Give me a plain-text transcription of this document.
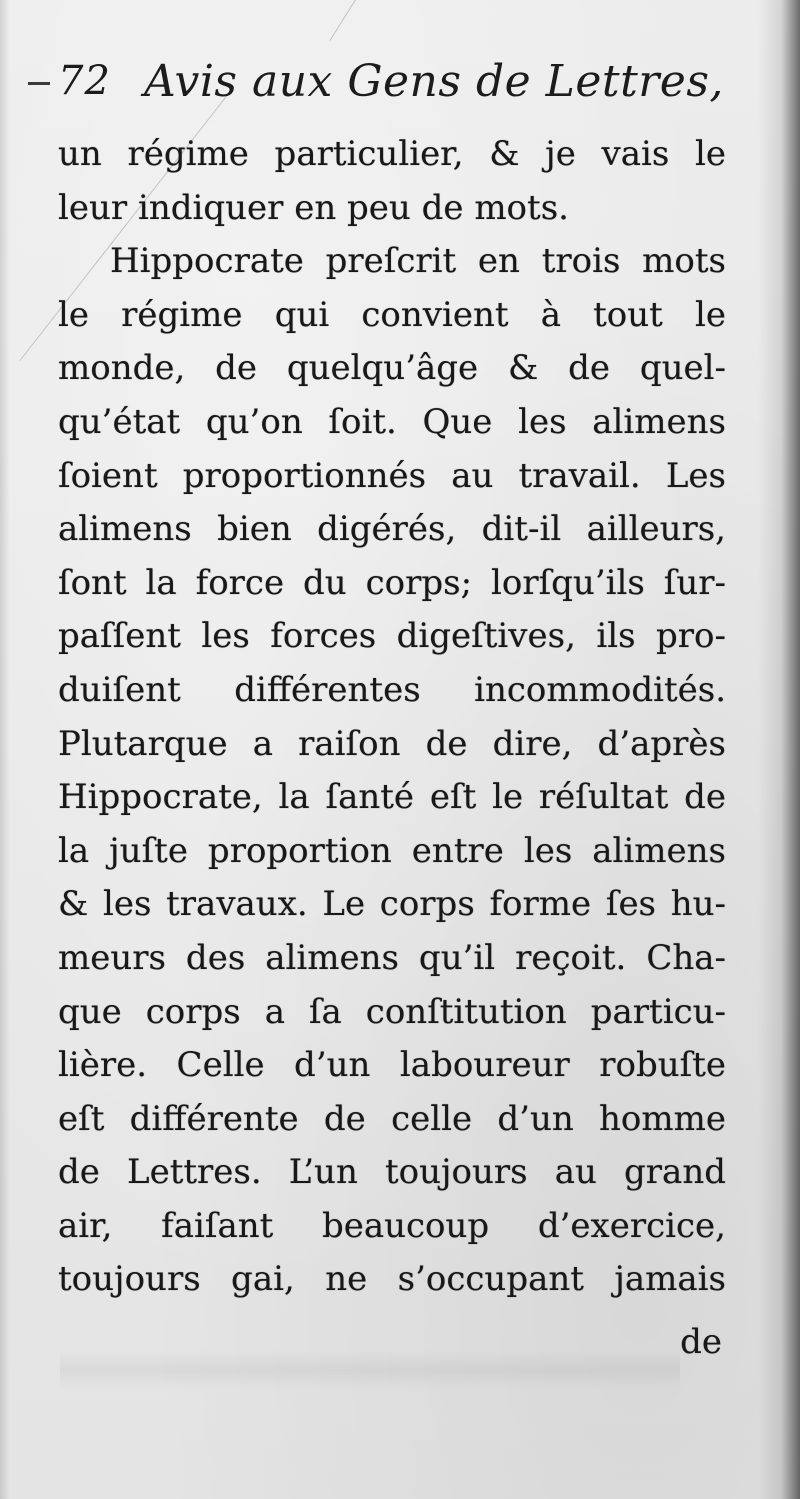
72 Avis aux Gens de Lettres,
un régime particulier, & je vais le
leur indiquer en peu de mots.
Hippocrate preſcrit en trois mots
le régime qui convient à tout le
monde, de quelqu’âge & de quel-
qu’état qu’on ſoit. Que les alimens
ſoient proportionnés au travail. Les
alimens bien digérés, dit-il ailleurs,
ſont la force du corps; lorſqu’ils ſur-
paſſent les forces digeſtives, ils pro-
duiſent différentes incommodités.
Plutarque a raiſon de dire, d’après
Hippocrate, la ſanté eſt le réſultat de
la juſte proportion entre les alimens
& les travaux. Le corps forme ſes hu-
meurs des alimens qu’il reçoit. Cha-
que corps a ſa conſtitution particu-
lière. Celle d’un laboureur robuſte
eſt différente de celle d’un homme
de Lettres. L’un toujours au grand
air, faiſant beaucoup d’exercice,
toujours gai, ne s’occupant jamais
de
